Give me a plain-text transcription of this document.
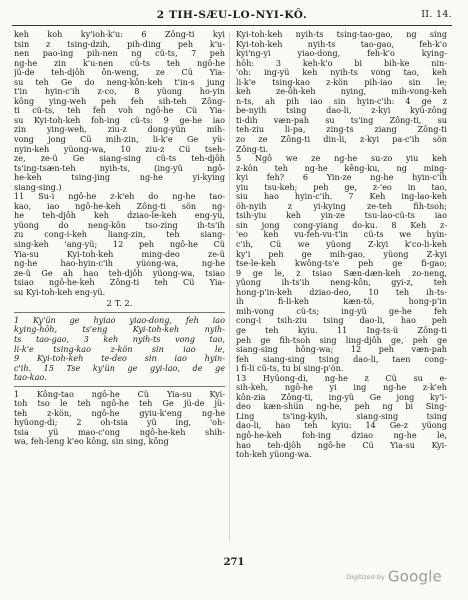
2 TIH-SÆU-LO-NYI-KÔ.	II. 14.
keh koh ky'ioh-k'u: 6 Zông-ti kyi
tsin z tsing-dzih, pih-ding peh k'u-
nen pao-ing pih-nen ng cü-ts, 7 peh
ng-he zin k'u-nen cü-ts teh ngô-he
jü-de teh-djôh ôn-weng, ze Cü Yia-
su teh Ge do neng-kôn-keh t'in-s jung
t'in hyin-c'ih z-co, 8 yüong ho-yin
kông ying-weh peh feh sih-teh Zông-
ti cü-ts, teh feh voh ngô-he Cü Yia-
su Kyi-toh-keh foh-ing cü-ts: 9 ge-he iao
zin ying-weh, ziu-z dong-yün mih-
vong jong Cü mih-zin, li-k'e Ge yü-
nyin-keh yüong-wa, 10 ziu-z Cü tseh-
ze, ze-ü Ge siang-sing cü-ts teh-djôh
ts'ing-tsæn-teh nyih-ts, (ing-yü ngô-
he-keh tsing-jing ng-he yi-kying
siang-sing.)
11 Su-i ngô-he z-k'eh do ng-he tao-
kao, iao ngô-he-keh Zông-ti sön ng-
he teh-djôh keh dziao-le-keh eng-yü,
yüong do neng-kôn tso-zing ih-ts'ih
zu cong-i-keh liang-zin, teh siang-
sing-keh 'ang-yü; 12 peh ngô-he Cü
Yia-su Kyi-toh-keh ming-deo ze-ü
ng-he hao-hyin-c'ih yüong-wa, ng-he
ze-ü Ge ah hao teh-djôh yüong-wa, tsiao
tsiao ngô-he-keh Zông-ti teh Cü Yia-
su Kyi-toh-keh eng-yü.
2 T. 2.
1 Ky'ün ge hyiao yiao-dong, feh iao
kying-hôh, ts'eng Kyi-toh-keh nyih-
ts tao-gao, 3 keh nyih-ts vong tao,
li-k'e tsing-kao z-kön sin iao le,
9 Kyi-toh-keh te-deo sin iao hyin-
c'ih. 15 Tse ky'ün ge gyi-lao, de ge
tao-kao.
1 Kông-tao ngô-he Cü Yia-su Kyi-
toh tso le teh ngô-he teh Ge jü-de jü-
teh z-kön, ngô-he gyiu-k'eng ng-he
hyüong-di; 2 oh-tsia yü ing, 'oh-
tsia yü mao-c'ong ngô-he-keh shih-
wa, feh-leng k'eo kông, sin sing, kông
Kyi-toh-keh nyih-ts tsing-tao-gao, ng sing
Kyi-toh-keh nyih-ts tao-gao, feh-k'o
kyi'ng-yi yiao-dong, feh-k'o kying-
hôh: 3 keh-k'o bi bih-ke nin-
'oh: ing-yü keh nyih-ts vong tao, keh
li-k'e tsing-kao z-kön pih-iao sin le;
keh ze-ôh-keh nying, mih-vong-keh
n-ts, ah pih iao sin hyin-c'ih: 4 ge z
be-nyih tsing dao-li, z-kyi kyü-zông
ti-dih væn-pah su ts'ing Zông-ti, su
teh-ziu li-pa, zing-ts ziang Zông-ti
zo ze Zông-ti din-li, z-kyi pa-c'ih sön
Zông-ti.
5 Ngô we ze ng-he su-zo yiu keh
z-kôn teh ng-he kêng-ku, ng ming-
kyi feh? 6 Yin-ze ng-he hyin-c'ih
yiu tsu-keh; peh ge, z-'eo in tao,
siu hao hyin-c'ih. 7 Keh ing-lao-keh
öh-nyih z yi-kying ze-teh fih-tsoh;
tsih-yiu keh yin-ze tsu-lao-cü-ts iao
sin jong cong-yiang do-ku. 8 Keh z-
'eo keh vu-feh-vu-t'in cü-ts we hyin-
c'ih, Cü we yüong Z-kyi k'co-li-keh
ky'i peh ge mih-gao, yüong Z-kyi
tse-le-keh kwông-ts'e peh ge fi-gao;
9 ge le, z tsiao Sæn-dæn-keh zo-neng,
yüong ih-ts'ih neng-kôn, gyi-z, teh
hong-p'in-keh dziao-deo, 10 teh ih-ts-
ih fi-li-keh kæn-tö, hong-p'in
mih-vong cü-ts; ing-yü ge-he feh
cong-i tsih-ziu tsing dao-li, hao peh
ge teh kyiu. 11 Ing-ts-ü Zông-ti
peh ge fih-tsoh sing ling-djôh ge, peh ge
siang-sing hông-wa; 12 peh væn-pah
feh siang-sing tsing dao-li, taen cong-
i fi-li cü-ts, tu bi sing-p'ön.
13 Hyüong-di, ng-he z Cü su e-
sih-keh, ngô-he yi ing ng-he z-k'eh
kôn-zia Zông-ti, ing-yü Ge jong ky'i-
deo kæn-shün ng-he, peh ng bi Sing-
Ling ts'ing-kyih, siang-sing tsing
dao-li, hao teh kyiu: 14 Ge-z yüong
ngô-he-keh foh-ing dziao ng-he le,
hao teh-djôh ngô-he Cü Yia-su Kyi-
toh-keh yüong-wa.
271
Digitized by Google
